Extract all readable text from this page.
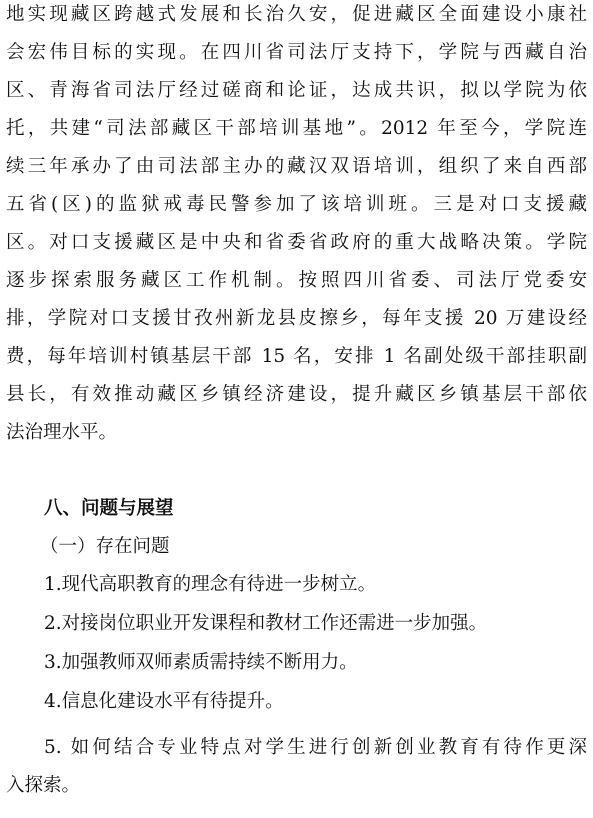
地实现藏区跨越式发展和长治久安，促进藏区全面建设小康社
会宏伟目标的实现。在四川省司法厅支持下，学院与西藏自治
区、青海省司法厅经过磋商和论证，达成共识，拟以学院为依
托，共建“司法部藏区干部培训基地”。2012 年至今，学院连
续三年承办了由司法部主办的藏汉双语培训，组织了来自西部
五省(区)的监狱戒毒民警参加了该培训班。三是对口支援藏
区。对口支援藏区是中央和省委省政府的重大战略决策。学院
逐步探索服务藏区工作机制。按照四川省委、司法厅党委安
排，学院对口支援甘孜州新龙县皮擦乡，每年支援 20 万建设经
费，每年培训村镇基层干部 15 名，安排 1 名副处级干部挂职副
县长，有效推动藏区乡镇经济建设，提升藏区乡镇基层干部依
法治理水平。
八、问题与展望
（一）存在问题
1.现代高职教育的理念有待进一步树立。
2.对接岗位职业开发课程和教材工作还需进一步加强。
3.加强教师双师素质需持续不断用力。
4.信息化建设水平有待提升。
5. 如何结合专业特点对学生进行创新创业教育有待作更深
入探索。
